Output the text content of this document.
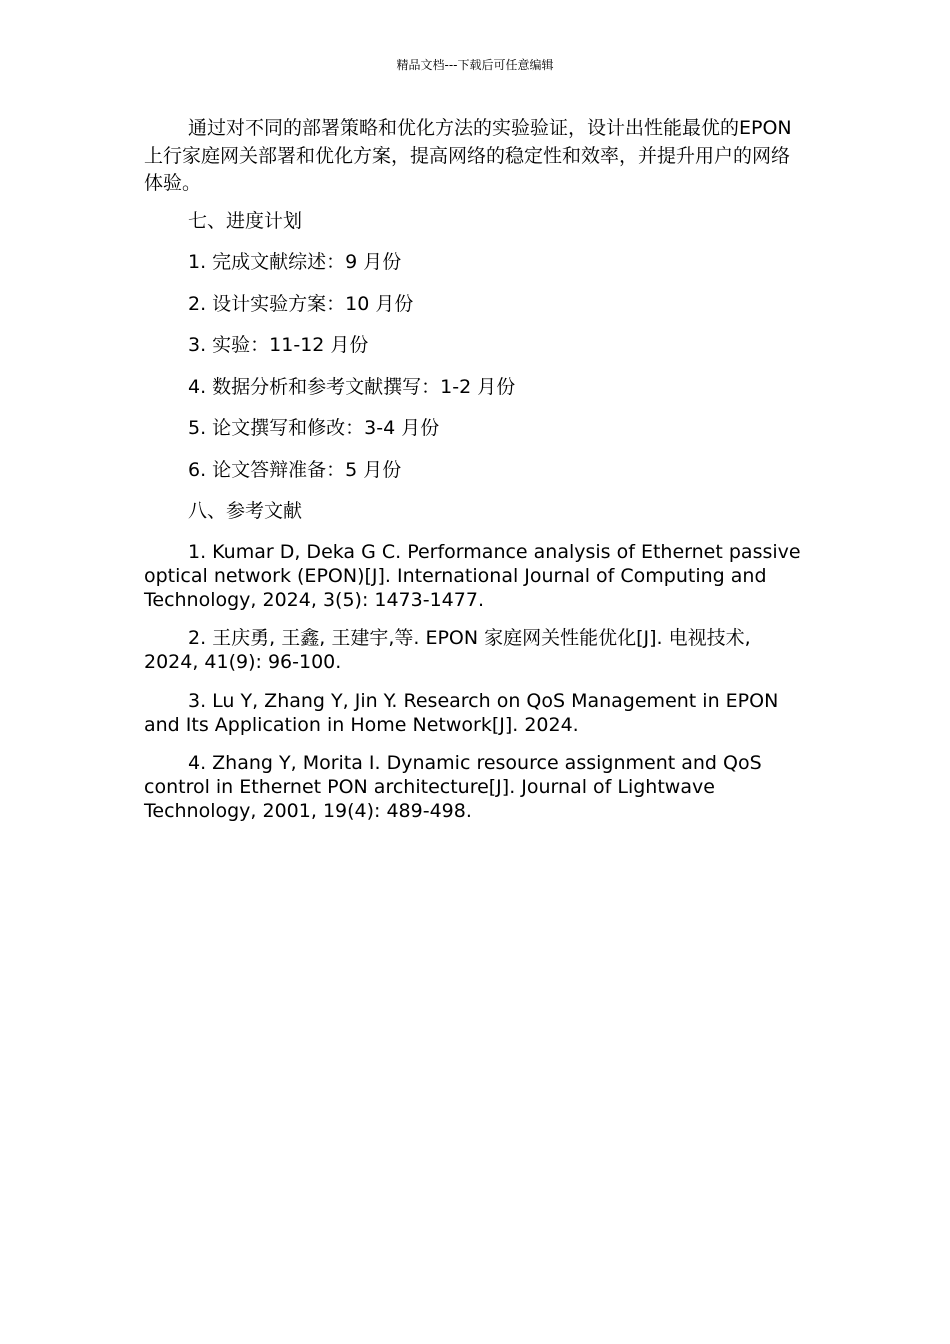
精品文档---下载后可任意编辑

通过对不同的部署策略和优化方法的实验验证，设计出性能最优的EPON 上行家庭网关部署和优化方案，提高网络的稳定性和效率，并提升用户的网络体验。

七、进度计划
1. 完成文献综述：9 月份
2. 设计实验方案：10 月份
3. 实验：11-12 月份
4. 数据分析和参考文献撰写：1-2 月份
5. 论文撰写和修改：3-4 月份
6. 论文答辩准备：5 月份
八、参考文献

1. Kumar D, Deka G C. Performance analysis of Ethernet passive optical network (EPON)[J]. International Journal of Computing and Technology, 2024, 3(5): 1473-1477.

2. 王庆勇, 王鑫, 王建宇,等. EPON 家庭网关性能优化[J]. 电视技术, 2024, 41(9): 96-100.

3. Lu Y, Zhang Y, Jin Y. Research on QoS Management in EPON and Its Application in Home Network[J]. 2024.

4. Zhang Y, Morita I. Dynamic resource assignment and QoS control in Ethernet PON architecture[J]. Journal of Lightwave Technology, 2001, 19(4): 489-498.
